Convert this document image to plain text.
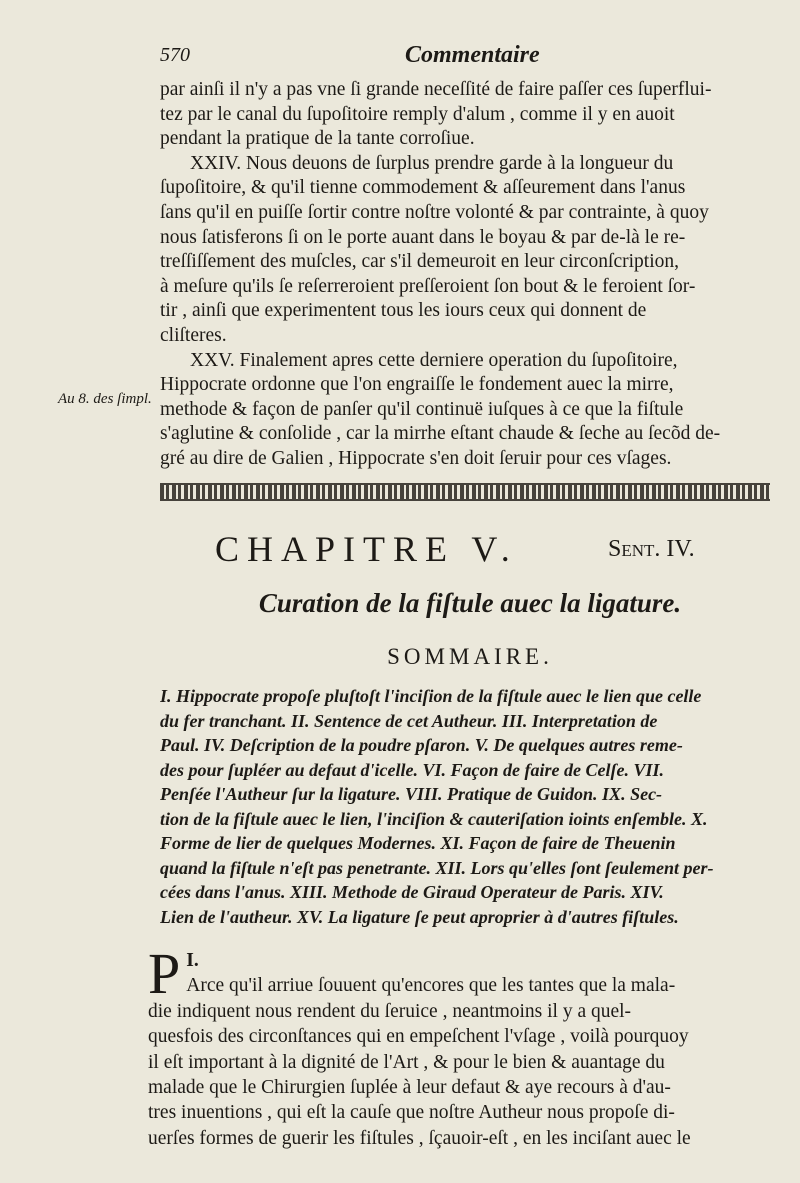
570	Commentaire
par ainſi il n'y a pas vne ſi grande neceſſité de faire paſſer ces ſuperflui-
tez par le canal du ſupoſitoire remply d'alum , comme il y en auoit
pendant la pratique de la tante corroſiue.
XXIV. Nous deuons de ſurplus prendre garde à la longueur du
ſupoſitoire, & qu'il tienne commodement & aſſeurement dans l'anus
ſans qu'il en puiſſe ſortir contre noſtre volonté & par contrainte, à quoy
nous ſatisferons ſi on le porte auant dans le boyau & par de-là le re-
treſſiſſement des muſcles, car s'il demeuroit en leur circonſcription,
à meſure qu'ils ſe reſerreroient preſſeroient ſon bout & le feroient ſor-
tir , ainſi que experimentent tous les iours ceux qui donnent de
cliſteres.
XXV. Finalement apres cette derniere operation du ſupoſitoire,
Hippocrate ordonne que l'on engraiſſe le fondement auec la mirre,
methode & façon de panſer qu'il continuë iuſques à ce que la fiſtule
s'aglutine & conſolide , car la mirrhe eſtant chaude & ſeche au ſecõd de-
gré au dire de Galien , Hippocrate s'en doit ſeruir pour ces vſages.
Au 8. des ſimpl.
CHAPITRE V.	Sent. IV.
Curation de la fiſtule auec la ligature.
SOMMAIRE.
I. Hippocrate propoſe pluſtoſt l'inciſion de la fiſtule auec le lien que celle
du fer tranchant. II. Sentence de cet Autheur. III. Interpretation de
Paul. IV. Deſcription de la poudre pſaron. V. De quelques autres reme-
des pour ſupléer au defaut d'icelle. VI. Façon de faire de Celſe. VII.
Penſée l'Autheur ſur la ligature. VIII. Pratique de Guidon. IX. Sec-
tion de la fiſtule auec le lien, l'inciſion & cauteriſation ioints enſemble. X.
Forme de lier de quelques Modernes. XI. Façon de faire de Theuenin
quand la fiſtule n'eſt pas penetrante. XII. Lors qu'elles ſont ſeulement per-
cées dans l'anus. XIII. Methode de Giraud Operateur de Paris. XIV.
Lien de l'autheur. XV. La ligature ſe peut aproprier à d'autres fiſtules.
I.
P Arce qu'il arriue ſouuent qu'encores que les tantes que la mala-
die indiquent nous rendent du ſeruice , neantmoins il y a quel-
quesfois des circonſtances qui en empeſchent l'vſage , voilà pourquoy
il eſt important à la dignité de l'Art , & pour le bien & auantage du
malade que le Chirurgien ſuplée à leur defaut & aye recours à d'au-
tres inuentions , qui eſt la cauſe que noſtre Autheur nous propoſe di-
uerſes formes de guerir les fiſtules , ſçauoir-eſt , en les inciſant auec le
